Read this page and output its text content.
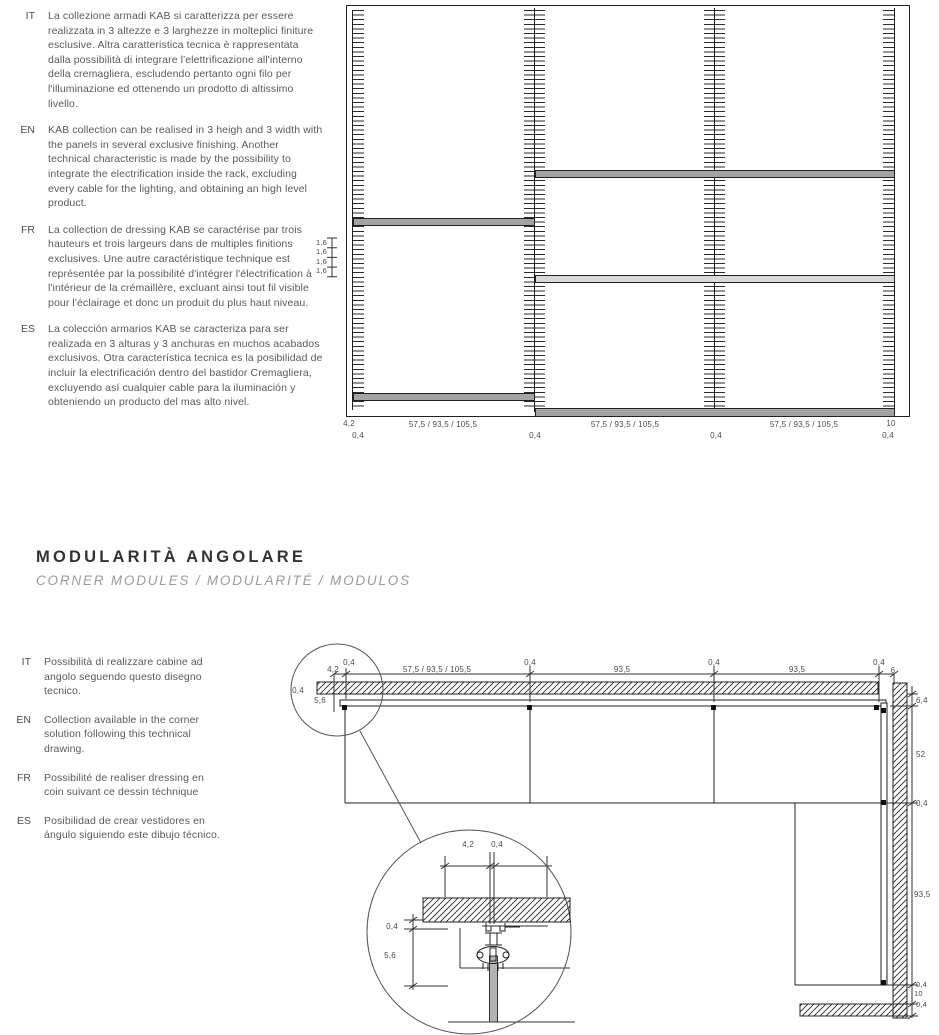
IT La collezione armadi KAB si caratterizza per essere realizzata in 3 altezze e 3 larghezze in molteplici finiture esclusive. Altra caratteristica tecnica è rappresentata dalla possibilità di integrare l'elettrificazione all'interno della cremagliera, escludendo pertanto ogni filo per l'illuminazione ed ottenendo un prodotto di altissimo livello.
EN KAB collection can be realised in 3 heigh and 3 width with the panels in several exclusive finishing. Another technical characteristic is made by the possibility to integrate the electrification inside the rack, excluding every cable for the lighting, and obtaining an high level product.
FR La collection de dressing KAB se caractérise par trois hauteurs et trois largeurs dans de multiples finitions exclusives. Une autre caractéristique technique est représentée par la possibilité d'intégrer l'électrification à l'intérieur de la crémaillère, excluant ainsi tout fil visible pour l'éclairage et donc un produit du plus haut niveau.
ES La colección armarios KAB se caracteriza para ser realizada en 3 alturas y 3 anchuras en muchos acabados exclusivos. Otra característica tecnica es la posibilidad de incluir la electrificación dentro del bastidor Cremagliera, excluyendo así cualquier cable para la iluminación y obteniendo un producto del mas alto nivel.
1,6
1,6
1,6
1,6
4,2
0,4
57,5 / 93,5 / 105,5
0,4
57,5 / 93,5 / 105,5
0,4
57,5 / 93,5 / 105,5	10
0,4
MODULARITÀ ANGOLARE
CORNER MODULES / MODULARITÉ / MODULOS
IT Possibilità di realizzare cabine ad angolo seguendo questo disegno tecnico.
EN Collection available in the corner solution following this technical drawing.
FR Possibilité de realiser dressing en coin suivant ce dessin téchnique
ES Posibilidad de crear vestidores en ángulo siguiendo este dibujo técnico.
4,2
0,4
57,5 / 93,5 / 105,5
0,4
93,5
0,4
93,5
0,4
6
0,4
5,6	6,4
52
0,4
93,5
0,4
10
0,4
4,2 0,4
0,4
5,6
